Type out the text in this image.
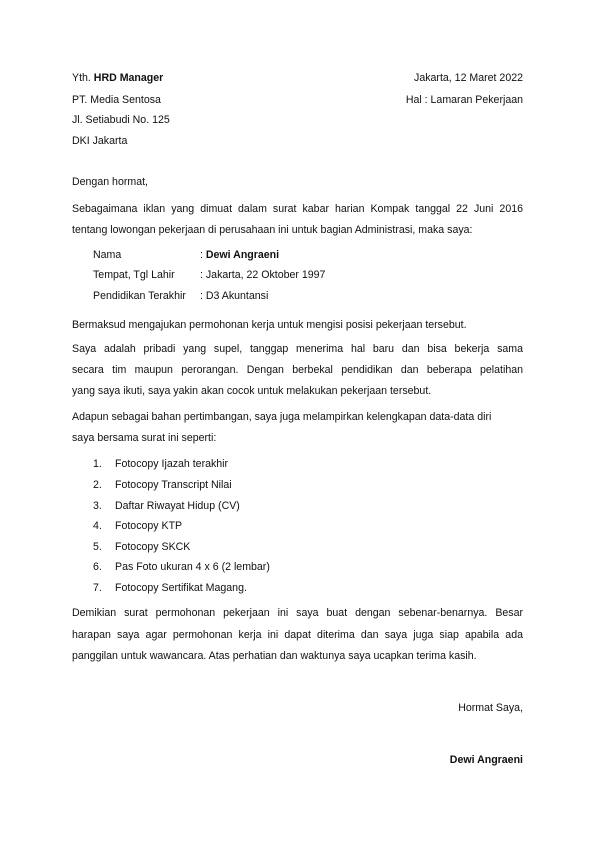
Yth. HRD Manager	Jakarta, 12 Maret 2022
PT. Media Sentosa	Hal : Lamaran Pekerjaan
Jl. Setiabudi No. 125
DKI Jakarta
Dengan hormat,
Sebagaimana iklan yang dimuat dalam surat kabar harian Kompak tanggal 22 Juni 2016
tentang lowongan pekerjaan di perusahaan ini untuk bagian Administrasi, maka saya:
Nama	: Dewi Angraeni
Tempat, Tgl Lahir : Jakarta, 22 Oktober 1997
Pendidikan Terakhir : D3 Akuntansi
Bermaksud mengajukan permohonan kerja untuk mengisi posisi pekerjaan tersebut.
Saya adalah pribadi yang supel, tanggap menerima hal baru dan bisa bekerja sama
secara tim maupun perorangan. Dengan berbekal pendidikan dan beberapa pelatihan
yang saya ikuti, saya yakin akan cocok untuk melakukan pekerjaan tersebut.
Adapun sebagai bahan pertimbangan, saya juga melampirkan kelengkapan data-data diri
saya bersama surat ini seperti:
1. Fotocopy Ijazah terakhir
2. Fotocopy Transcript Nilai
3. Daftar Riwayat Hidup (CV)
4. Fotocopy KTP
5. Fotocopy SKCK
6. Pas Foto ukuran 4 x 6 (2 lembar)
7. Fotocopy Sertifikat Magang.
Demikian surat permohonan pekerjaan ini saya buat dengan sebenar-benarnya. Besar
harapan saya agar permohonan kerja ini dapat diterima dan saya juga siap apabila ada
panggilan untuk wawancara. Atas perhatian dan waktunya saya ucapkan terima kasih.
Hormat Saya,
Dewi Angraeni
